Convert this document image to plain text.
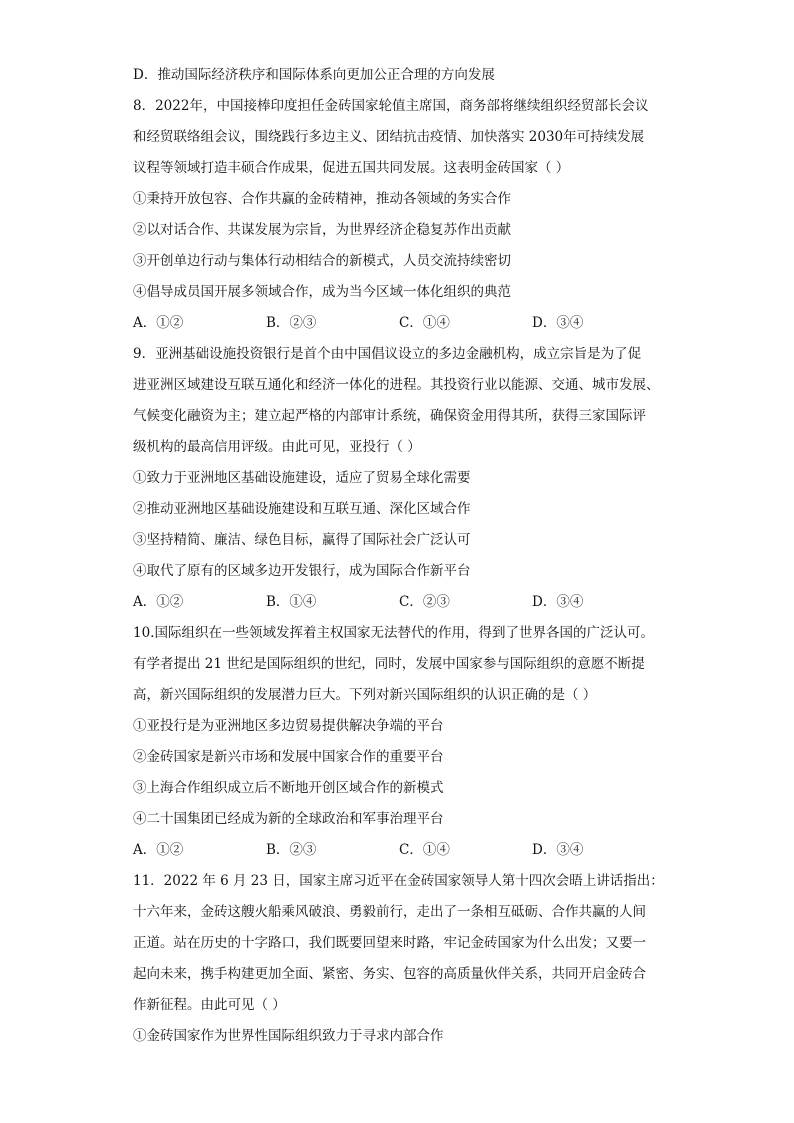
D．推动国际经济秩序和国际体系向更加公正合理的方向发展
8．2022年，中国接棒印度担任金砖国家轮值主席国，商务部将继续组织经贸部长会议
和经贸联络组会议，围绕践行多边主义、团结抗击疫情、加快落实 2030年可持续发展
议程等领域打造丰硕合作成果，促进五国共同发展。这表明金砖国家（ ）
①秉持开放包容、合作共赢的金砖精神，推动各领域的务实合作
②以对话合作、共谋发展为宗旨，为世界经济企稳复苏作出贡献
③开创单边行动与集体行动相结合的新模式，人员交流持续密切
④倡导成员国开展多领域合作，成为当今区域一体化组织的典范
A．①②	B．②③	C．①④	D．③④
9．亚洲基础设施投资银行是首个由中国倡议设立的多边金融机构，成立宗旨是为了促
进亚洲区域建设互联互通化和经济一体化的进程。其投资行业以能源、交通、城市发展、
气候变化融资为主；建立起严格的内部审计系统，确保资金用得其所，获得三家国际评
级机构的最高信用评级。由此可见，亚投行（ ）
①致力于亚洲地区基础设施建设，适应了贸易全球化需要
②推动亚洲地区基础设施建设和互联互通、深化区域合作
③坚持精简、廉洁、绿色目标，赢得了国际社会广泛认可
④取代了原有的区域多边开发银行，成为国际合作新平台
A．①②	B．①④	C．②③	D．③④
10.国际组织在一些领域发挥着主权国家无法替代的作用，得到了世界各国的广泛认可。
有学者提出 21 世纪是国际组织的世纪，同时，发展中国家参与国际组织的意愿不断提
高，新兴国际组织的发展潜力巨大。下列对新兴国际组织的认识正确的是（ ）
①亚投行是为亚洲地区多边贸易提供解决争端的平台
②金砖国家是新兴市场和发展中国家合作的重要平台
③上海合作组织成立后不断地开创区域合作的新模式
④二十国集团已经成为新的全球政治和军事治理平台
A．①②	B．②③	C．①④	D．③④
11．2022 年 6 月 23 日，国家主席习近平在金砖国家领导人第十四次会晤上讲话指出：
十六年来，金砖这艘火船乘风破浪、勇毅前行，走出了一条相互砥砺、合作共赢的人间
正道。站在历史的十字路口，我们既要回望来时路，牢记金砖国家为什么出发；又要一
起向未来，携手构建更加全面、紧密、务实、包容的高质量伙伴关系，共同开启金砖合
作新征程。由此可见（ ）
①金砖国家作为世界性国际组织致力于寻求内部合作
